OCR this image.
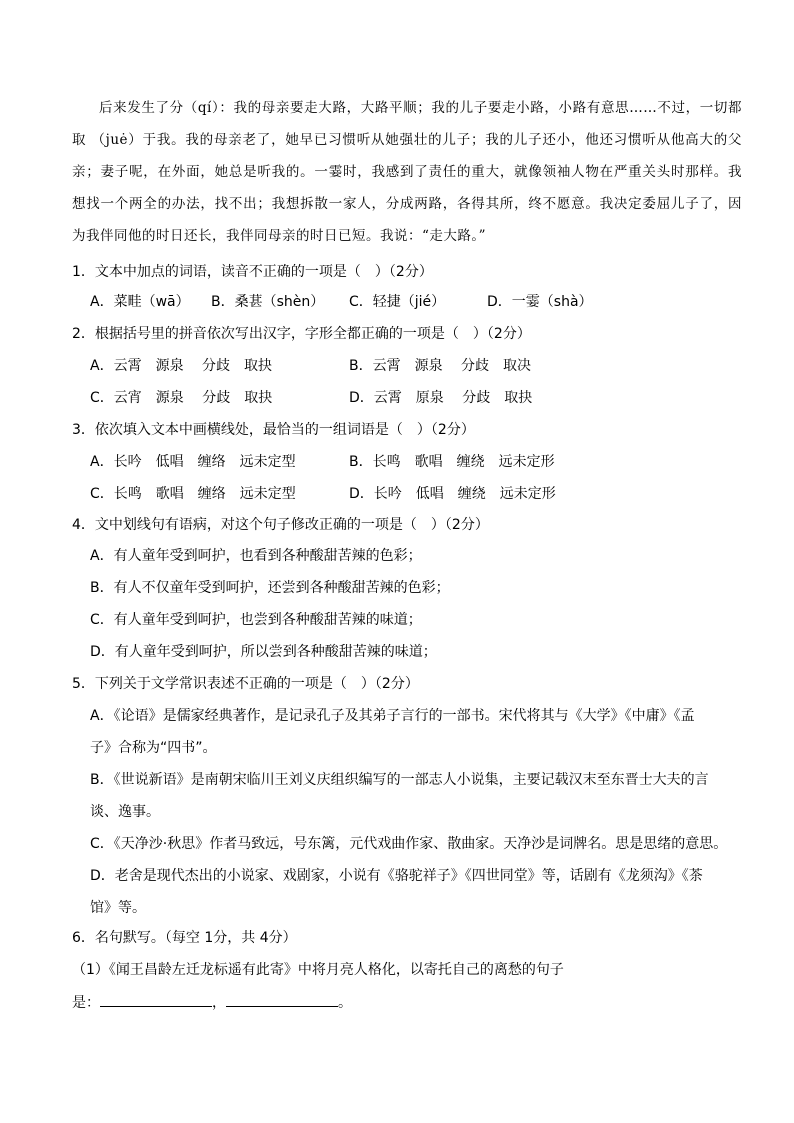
后来发生了分（qí）：我的母亲要走大路，大路平顺；我的儿子要走小路，小路有意思……不过，一切都取 （juė）于我。我的母亲老了，她早已习惯听从她强壮的儿子；我的儿子还小，他还习惯听从他高大的父亲；妻子呢，在外面，她总是听我的。一霎时，我感到了责任的重大，就像领袖人物在严重关头时那样。我想找一个两全的办法，找不出；我想拆散一家人，分成两路，各得其所，终不愿意。我决定委屈儿子了，因为我伴同他的时日还长，我伴同母亲的时日已短。我说：“走大路。”

1．文本中加点的词语，读音不正确的一项是（　）（2分）
A．菜畦（wā） B．桑葚（shèn） C．轻捷（jié）	D．一霎（shà）
2．根据括号里的拼音依次写出汉字，字形全都正确的一项是（　）（2分）
A．云霄　源泉　 分歧　取抉	B．云霄　源泉　 分歧　取决
C．云宵　源泉　 分歧　取抉	D．云霄　原泉　 分歧　取抉
3．依次填入文本中画横线处，最恰当的一组词语是（　）（2分）
A．长吟　低唱　缠络　远未定型	B．长鸣　歌唱　缠绕　远未定形
C．长鸣　歌唱　缠络　远未定型	D．长吟　低唱　缠绕　远未定形
4．文中划线句有语病，对这个句子修改正确的一项是（　）（2分）
A．有人童年受到呵护，也看到各种酸甜苦辣的色彩；
B．有人不仅童年受到呵护，还尝到各种酸甜苦辣的色彩；
C．有人童年受到呵护，也尝到各种酸甜苦辣的味道；
D．有人童年受到呵护，所以尝到各种酸甜苦辣的味道；
5．下列关于文学常识表述不正确的一项是（　）（2分）
A．《论语》是儒家经典著作，是记录孔子及其弟子言行的一部书。宋代将其与《大学》《中庸》《孟
子》合称为“四书”。
B．《世说新语》是南朝宋临川王刘义庆组织编写的一部志人小说集，主要记载汉末至东晋士大夫的言
谈、逸事。
C．《天净沙·秋思》作者马致远，号东篱，元代戏曲作家、散曲家。天净沙是词牌名。思是思绪的意思。
D．老舍是现代杰出的小说家、戏剧家，小说有《骆驼祥子》《四世同堂》等，话剧有《龙须沟》《茶
馆》等。
6．名句默写。（每空 1分，共 4分）
（1）《闻王昌龄左迁龙标遥有此寄》中将月亮人格化，以寄托自己的离愁的句子
是：	，	。
